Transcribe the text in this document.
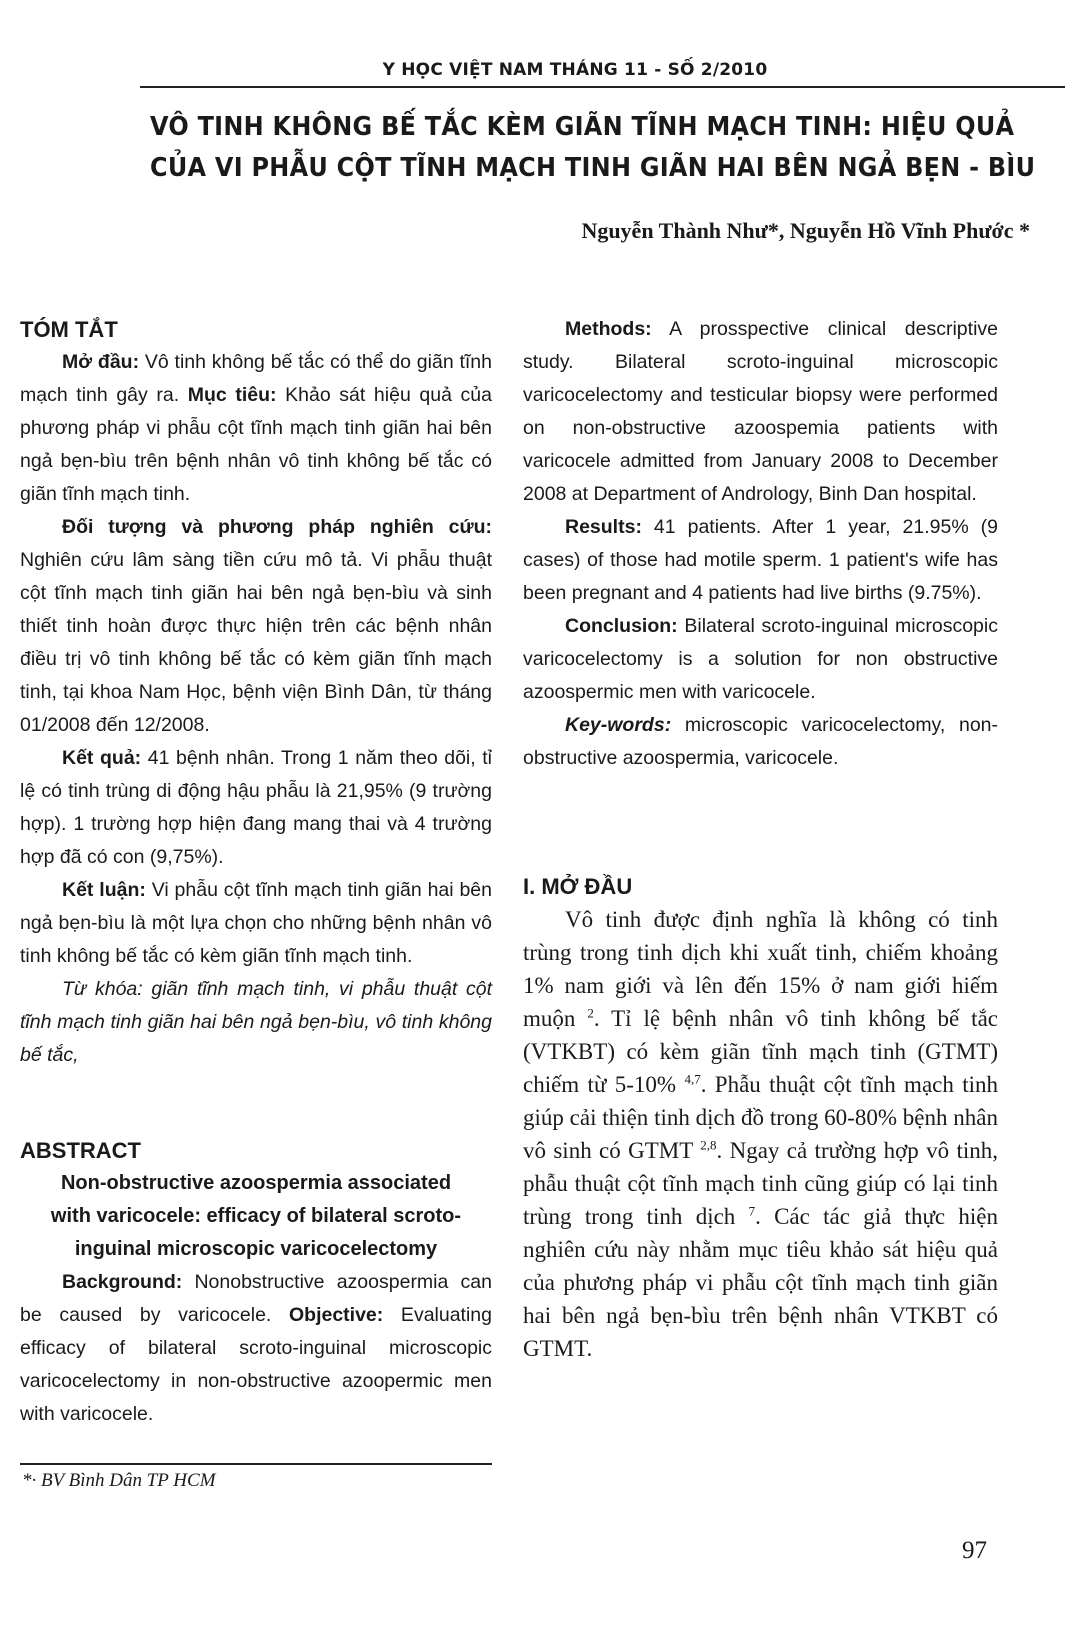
Y HỌC VIỆT NAM THÁNG 11 - SỐ 2/2010
VÔ TINH KHÔNG BẾ TẮC KÈM GIÃN TĨNH MẠCH TINH: HIỆU QUẢ
CỦA VI PHẪU CỘT TĨNH MẠCH TINH GIÃN HAI BÊN NGẢ BẸN - BÌU
Nguyễn Thành Như*, Nguyễn Hồ Vĩnh Phước *
TÓM TẮT

Mở đầu: Vô tinh không bế tắc có thể do giãn tĩnh mạch tinh gây ra. Mục tiêu: Khảo sát hiệu quả của phương pháp vi phẫu cột tĩnh mạch tinh giãn hai bên ngả bẹn-bìu trên bệnh nhân vô tinh không bế tắc có giãn tĩnh mạch tinh.

Đối tượng và phương pháp nghiên cứu: Nghiên cứu lâm sàng tiền cứu mô tả. Vi phẫu thuật cột tĩnh mạch tinh giãn hai bên ngả bẹn-bìu và sinh thiết tinh hoàn được thực hiện trên các bệnh nhân điều trị vô tinh không bế tắc có kèm giãn tĩnh mạch tinh, tại khoa Nam Học, bệnh viện Bình Dân, từ tháng 01/2008 đến 12/2008.

Kết quả: 41 bệnh nhân. Trong 1 năm theo dõi, tỉ lệ có tinh trùng di động hậu phẫu là 21,95% (9 trường hợp). 1 trường hợp hiện đang mang thai và 4 trường hợp đã có con (9,75%).

Kết luận: Vi phẫu cột tĩnh mạch tinh giãn hai bên ngả bẹn-bìu là một lựa chọn cho những bệnh nhân vô tinh không bế tắc có kèm giãn tĩnh mạch tinh.

Từ khóa: giãn tĩnh mạch tinh, vi phẫu thuật cột tĩnh mạch tinh giãn hai bên ngả bẹn-bìu, vô tinh không bế tắc,

ABSTRACT
Non-obstructive azoospermia associated
with varicocele: efficacy of bilateral scroto-
inguinal microscopic varicocelectomy

Background: Nonobstructive azoospermia can be caused by varicocele. Objective: Evaluating efficacy of bilateral scroto-inguinal microscopic varicocelectomy in non-obstructive azoopermic men with varicocele.

*· BV Bình Dân TP HCM

Methods: A prosspective clinical descriptive study. Bilateral scroto-inguinal microscopic varicocelectomy and testicular biopsy were performed on non-obstructive azoospemia patients with varicocele admitted from January 2008 to December 2008 at Department of Andrology, Binh Dan hospital.

Results: 41 patients. After 1 year, 21.95% (9 cases) of those had motile sperm. 1 patient's wife has been pregnant and 4 patients had live births (9.75%).

Conclusion: Bilateral scroto-inguinal microscopic varicocelectomy is a solution for non obstructive azoospermic men with varicocele.

Key-words: microscopic varicocelectomy, non-obstructive azoospermia, varicocele.

I. MỞ ĐẦU

Vô tinh được định nghĩa là không có tinh trùng trong tinh dịch khi xuất tinh, chiếm khoảng 1% nam giới và lên đến 15% ở nam giới hiếm muộn $^2$. Tỉ lệ bệnh nhân vô tinh không bế tắc (VTKBT) có kèm giãn tĩnh mạch tinh (GTMT) chiếm từ 5-10% $^{4,7}$. Phẫu thuật cột tĩnh mạch tinh giúp cải thiện tinh dịch đồ trong 60-80% bệnh nhân vô sinh có GTMT $^{2,8}$. Ngay cả trường hợp vô tinh, phẫu thuật cột tĩnh mạch tinh cũng giúp có lại tinh trùng trong tinh dịch $^7$. Các tác giả thực hiện nghiên cứu này nhằm mục tiêu khảo sát hiệu quả của phương pháp vi phẫu cột tĩnh mạch tinh giãn hai bên ngả bẹn-bìu trên bệnh nhân VTKBT có GTMT.

97
